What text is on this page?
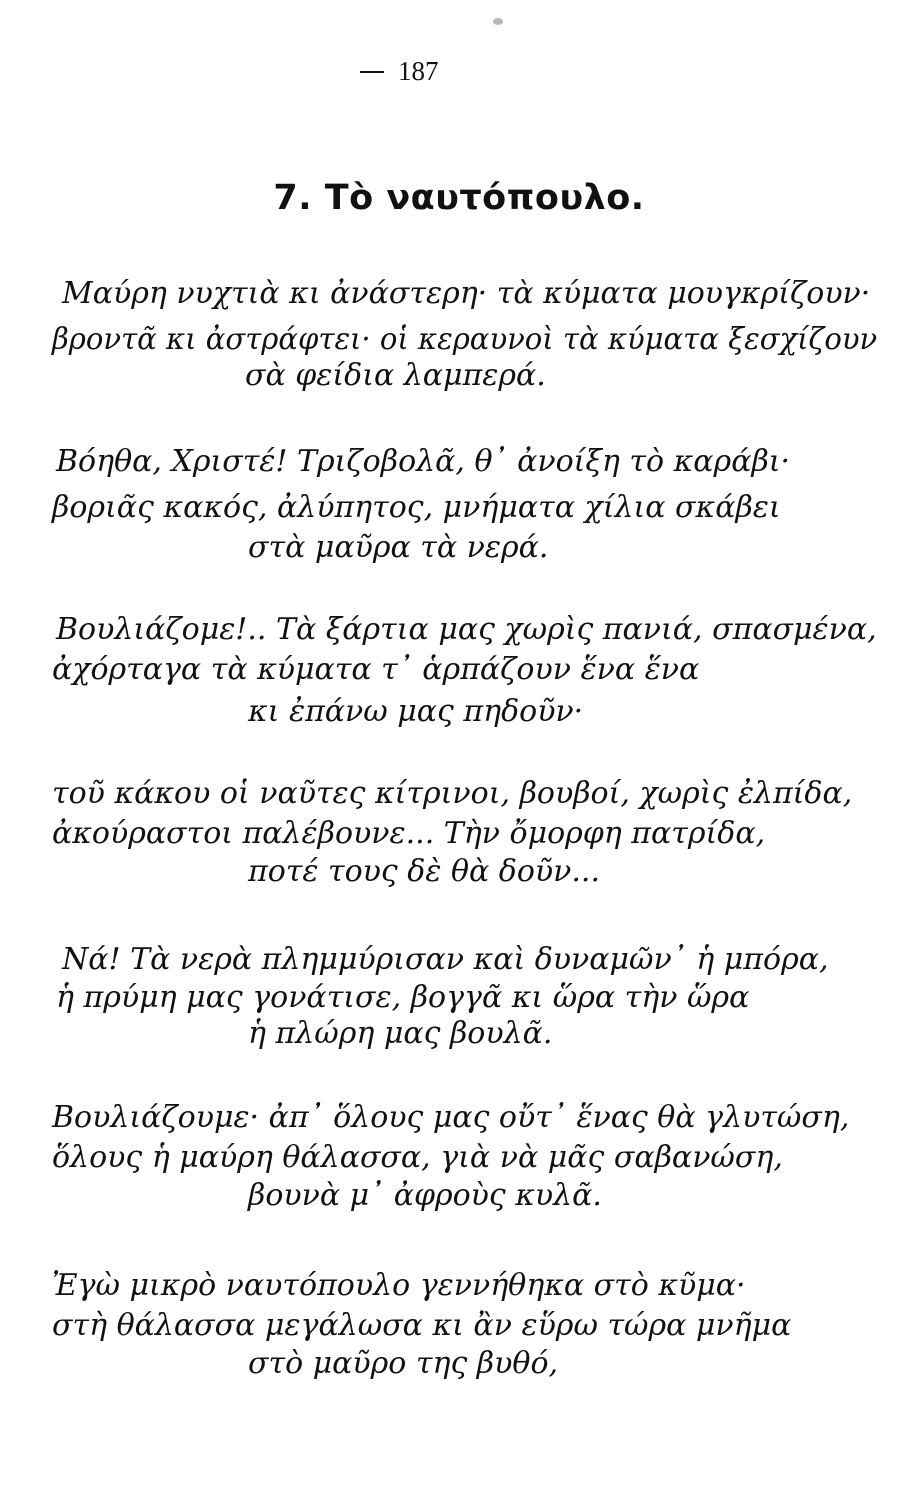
187
7. Τὸ ναυτόπουλο.
Μαύρη νυχτιὰ κι ἀνάστερη· τὰ κύματα μουγκρίζουν·
βροντᾶ κι ἀστράφτει· οἱ κεραυνοὶ τὰ κύματα ξεσχίζουν
σὰ φείδια λαμπερά.
Βόηθα, Χριστέ! Τριζοβολᾶ, θ᾿ ἀνοίξη τὸ καράβι·
βοριᾶς κακός, ἀλύπητος, μνήματα χίλια σκάβει
στὰ μαῦρα τὰ νερά.
Βουλιάζομε!.. Τὰ ξάρτια μας χωρὶς πανιά, σπασμένα,
ἀχόρταγα τὰ κύματα τ᾿ ἁρπάζουν ἕνα ἕνα
κι ἐπάνω μας πηδοῦν·
τοῦ κάκου οἱ ναῦτες κίτρινοι, βουβοί, χωρὶς ἐλπίδα,
ἀκούραστοι παλέβουνε... Τὴν ὄμορφη πατρίδα,
ποτέ τους δὲ θὰ δοῦν...
Νά! Τὰ νερὰ πλημμύρισαν καὶ δυναμῶν᾿ ἡ μπόρα,
ἡ πρύμη μας γονάτισε, βογγᾶ κι ὥρα τὴν ὥρα
ἡ πλώρη μας βουλᾶ.
Βουλιάζουμε· ἀπ᾿ ὅλους μας οὔτ᾿ ἕνας θὰ γλυτώση,
ὅλους ἡ μαύρη θάλασσα, γιὰ νὰ μᾶς σαβανώση,
βουνὰ μ᾿ ἀφροὺς κυλᾶ.
Ἐγὼ μικρὸ ναυτόπουλο γεννήθηκα στὸ κῦμα·
στὴ θάλασσα μεγάλωσα κι ἂν εὕρω τώρα μνῆμα
στὸ μαῦρο της βυθό,
